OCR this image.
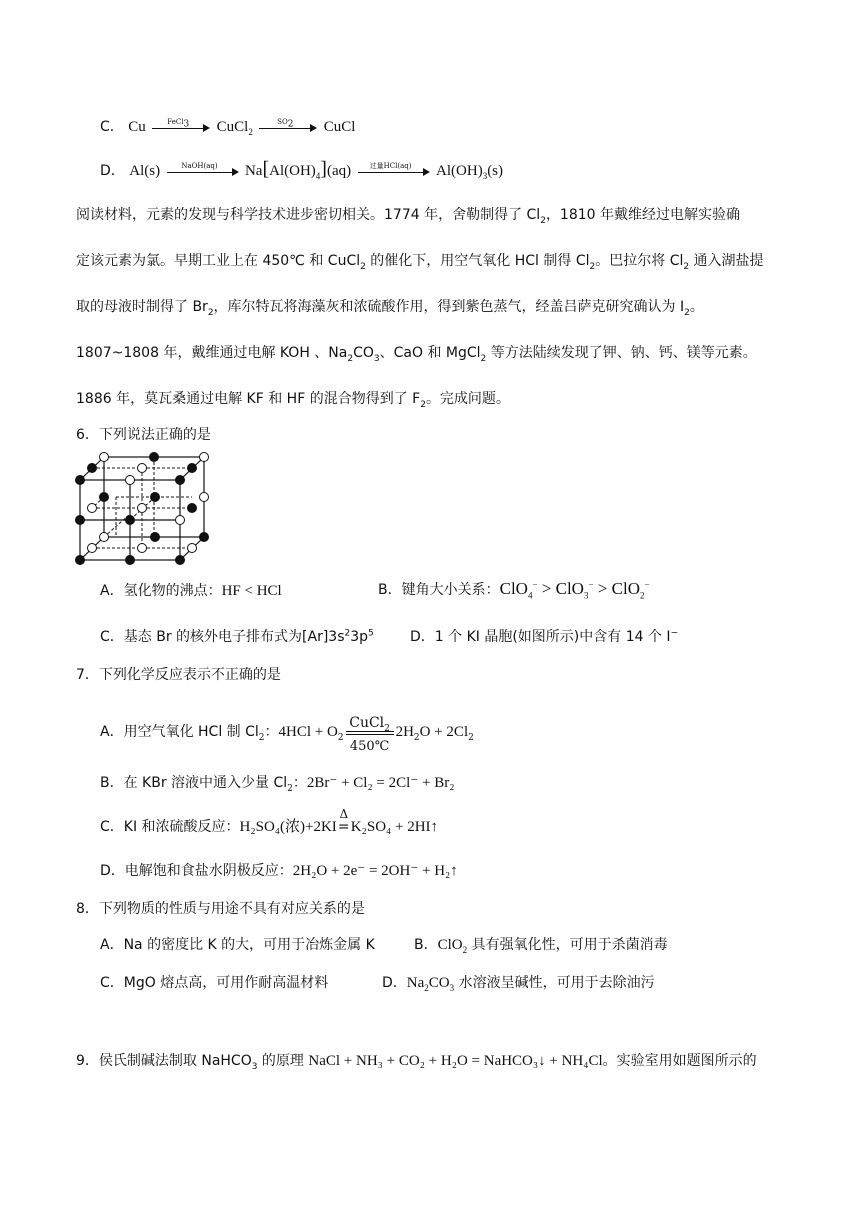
C． Cu	FeCl$_3$	CuCl$_2$
$SO_2$	CuCl
D． Al(s)	NaOH(aq)	$Na[Al(OH)_4](aq)$	过量HCl(aq)	$Al(OH)_3(s)$
阅读材料，元素的发现与科学技术进步密切相关。1774 年，舍勒制得了 $Cl_2$，1810 年戴维经过电解实验确
定该元素为氯。早期工业上在 450℃ 和 CuCl$_2$ 的催化下，用空气氧化 HCl 制得 $Cl_2$。巴拉尔将 $Cl_2$ 通入湖盐提
取的母液时制得了 $Br_2$，库尔特瓦将海藻灰和浓硫酸作用，得到紫色蒸气，经盖吕萨克研究确认为 $I_2$。
1807~1808 年，戴维通过电解 KOH 、$Na_2CO_3$、CaO 和 MgCl$_2$ 等方法陆续发现了钾、钠、钙、镁等元素。
1886 年，莫瓦桑通过电解 KF 和 HF 的混合物得到了 $F_2$。完成问题。
6．下列说法正确的是
A．氢化物的沸点：HF < HCl	B．键角大小关系：ClO$_4$− > ClO$_3$− > ClO$_2$−
C．基态 Br 的核外电子排布式为$[Ar]3s^23p^5$	D．1 个 KI 晶胞(如图所示)中含有 14 个 I−
7．下列化学反应表示不正确的是
A．用空气氧化 HCl 制 $Cl_2$：$4HCl + O_2$
CuCl$_2$
450℃
$2H_2O + 2Cl_2$
B．在 KBr 溶液中通入少量 $Cl_2$：2Br⁻ + Cl₂ = 2Cl⁻ + Br₂
C．KI 和浓硫酸反应：H₂SO₄(浓)+2KI
Δ
=K₂SO₄ + 2HI↑
D．电解饱和食盐水阴极反应：2H₂O + 2e⁻ = 2OH⁻ + H₂↑
8．下列物质的性质与用途不具有对应关系的是
A．Na 的密度比 K 的大，可用于冶炼金属 K	B．ClO$_2$ 具有强氧化性，可用于杀菌消毒
C．MgO 熔点高，可用作耐高温材料	D．$Na_2CO_3$ 水溶液呈碱性，可用于去除油污
9．侯氏制碱法制取 NaHCO$_3$ 的原理 NaCl + NH₃ + CO₂ + H₂O = NaHCO₃↓ + NH₄Cl。实验室用如题图所示的
